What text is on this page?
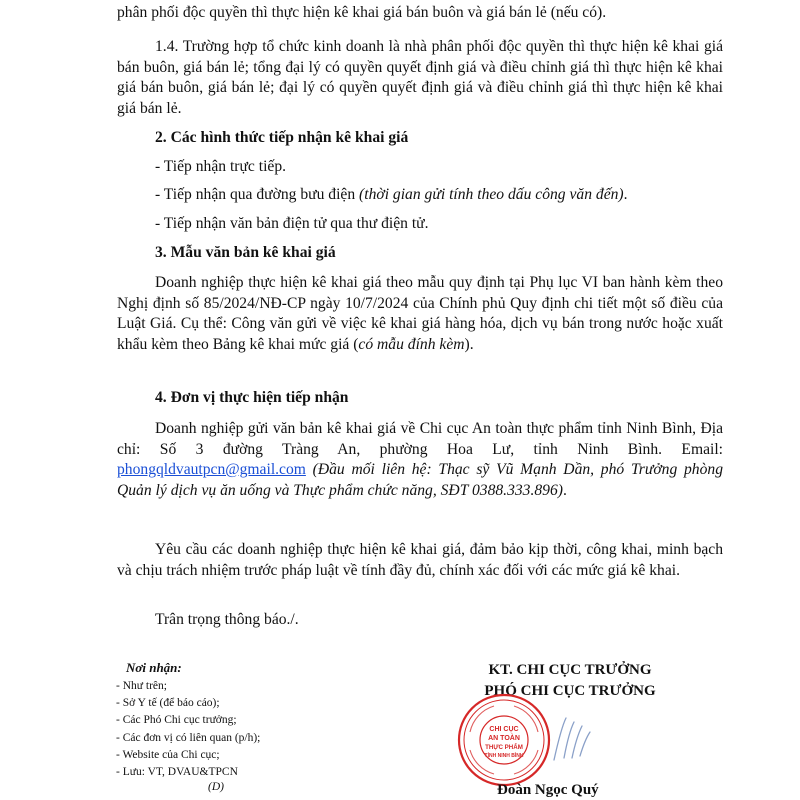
phân phối độc quyền thì thực hiện kê khai giá bán buôn và giá bán lẻ (nếu có).

1.4. Trường hợp tổ chức kinh doanh là nhà phân phối độc quyền thì thực hiện kê khai giá bán buôn, giá bán lẻ; tổng đại lý có quyền quyết định giá và điều chỉnh giá thì thực hiện kê khai giá bán buôn, giá bán lẻ; đại lý có quyền quyết định giá và điều chỉnh giá thì thực hiện kê khai giá bán lẻ.

2. Các hình thức tiếp nhận kê khai giá

- Tiếp nhận trực tiếp.

- Tiếp nhận qua đường bưu điện (thời gian gửi tính theo dấu công văn đến).

- Tiếp nhận văn bản điện tử qua thư điện tử.

3. Mẫu văn bản kê khai giá

Doanh nghiệp thực hiện kê khai giá theo mẫu quy định tại Phụ lục VI ban hành kèm theo Nghị định số 85/2024/NĐ-CP ngày 10/7/2024 của Chính phủ Quy định chi tiết một số điều của Luật Giá. Cụ thể: Công văn gửi về việc kê khai giá hàng hóa, dịch vụ bán trong nước hoặc xuất khẩu kèm theo Bảng kê khai mức giá (có mẫu đính kèm).

4. Đơn vị thực hiện tiếp nhận

Doanh nghiệp gửi văn bản kê khai giá về Chi cục An toàn thực phẩm tỉnh Ninh Bình, Địa chỉ: Số 3 đường Tràng An, phường Hoa Lư, tỉnh Ninh Bình. Email: phongqldvautpcn@gmail.com (Đầu mối liên hệ: Thạc sỹ Vũ Mạnh Dần, phó Trưởng phòng Quản lý dịch vụ ăn uống và Thực phẩm chức năng, SĐT 0388.333.896).

Yêu cầu các doanh nghiệp thực hiện kê khai giá, đảm bảo kịp thời, công khai, minh bạch và chịu trách nhiệm trước pháp luật về tính đầy đủ, chính xác đối với các mức giá kê khai.

Trân trọng thông báo./.

Nơi nhận:

- Như trên;

- Sở Y tế (để báo cáo);

- Các Phó Chi cục trưởng;

- Các đơn vị có liên quan (p/h);

- Website của Chi cục;

- Lưu: VT, DVAU&TPCN

(D)

KT. CHI CỤC TRƯỞNG

PHÓ CHI CỤC TRƯỞNG

CHI CỤC
AN TOÀN
THỰC PHẨM
TỈNH NINH BÌNH

Đoàn Ngọc Quý
